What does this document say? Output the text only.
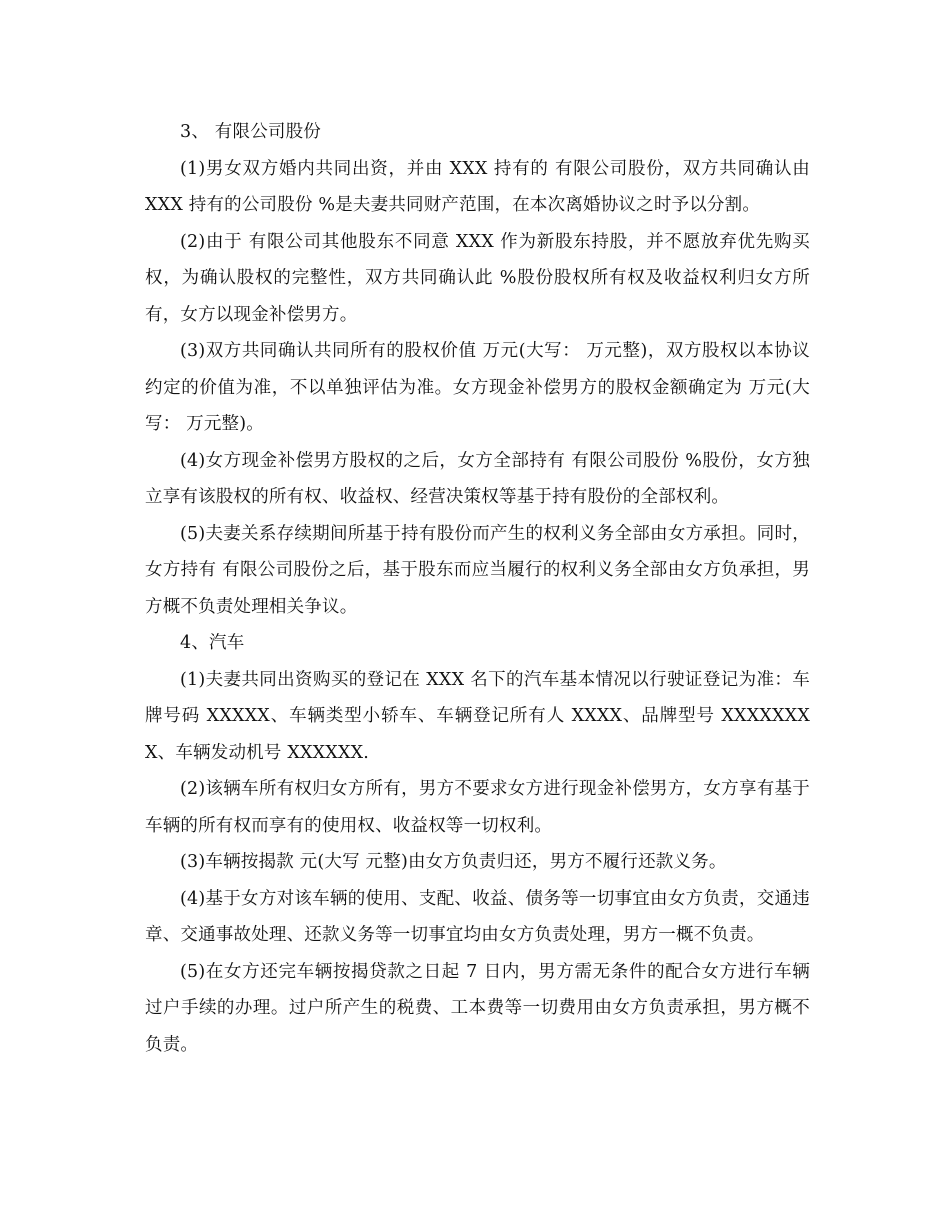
3、 有限公司股份

(1)男女双方婚内共同出资，并由 XXX 持有的 有限公司股份，双方共同确认由 XXX 持有的公司股份 %是夫妻共同财产范围，在本次离婚协议之时予以分割。

(2)由于 有限公司其他股东不同意 XXX 作为新股东持股，并不愿放弃优先购买权，为确认股权的完整性，双方共同确认此 %股份股权所有权及收益权利归女方所有，女方以现金补偿男方。

(3)双方共同确认共同所有的股权价值 万元(大写： 万元整)，双方股权以本协议约定的价值为准，不以单独评估为准。女方现金补偿男方的股权金额确定为 万元(大写： 万元整)。

(4)女方现金补偿男方股权的之后，女方全部持有 有限公司股份 %股份，女方独立享有该股权的所有权、收益权、经营决策权等基于持有股份的全部权利。

(5)夫妻关系存续期间所基于持有股份而产生的权利义务全部由女方承担。同时，女方持有 有限公司股份之后，基于股东而应当履行的权利义务全部由女方负承担，男方概不负责处理相关争议。

4、汽车

(1)夫妻共同出资购买的登记在 XXX 名下的汽车基本情况以行驶证登记为准：车牌号码 XXXXX、车辆类型小轿车、车辆登记所有人 XXXX、品牌型号 XXXXXXXX、车辆发动机号 XXXXXX.

(2)该辆车所有权归女方所有，男方不要求女方进行现金补偿男方，女方享有基于车辆的所有权而享有的使用权、收益权等一切权利。

(3)车辆按揭款 元(大写 元整)由女方负责归还，男方不履行还款义务。

(4)基于女方对该车辆的使用、支配、收益、债务等一切事宜由女方负责，交通违章、交通事故处理、还款义务等一切事宜均由女方负责处理，男方一概不负责。

(5)在女方还完车辆按揭贷款之日起 7 日内，男方需无条件的配合女方进行车辆过户手续的办理。过户所产生的税费、工本费等一切费用由女方负责承担，男方概不负责。
